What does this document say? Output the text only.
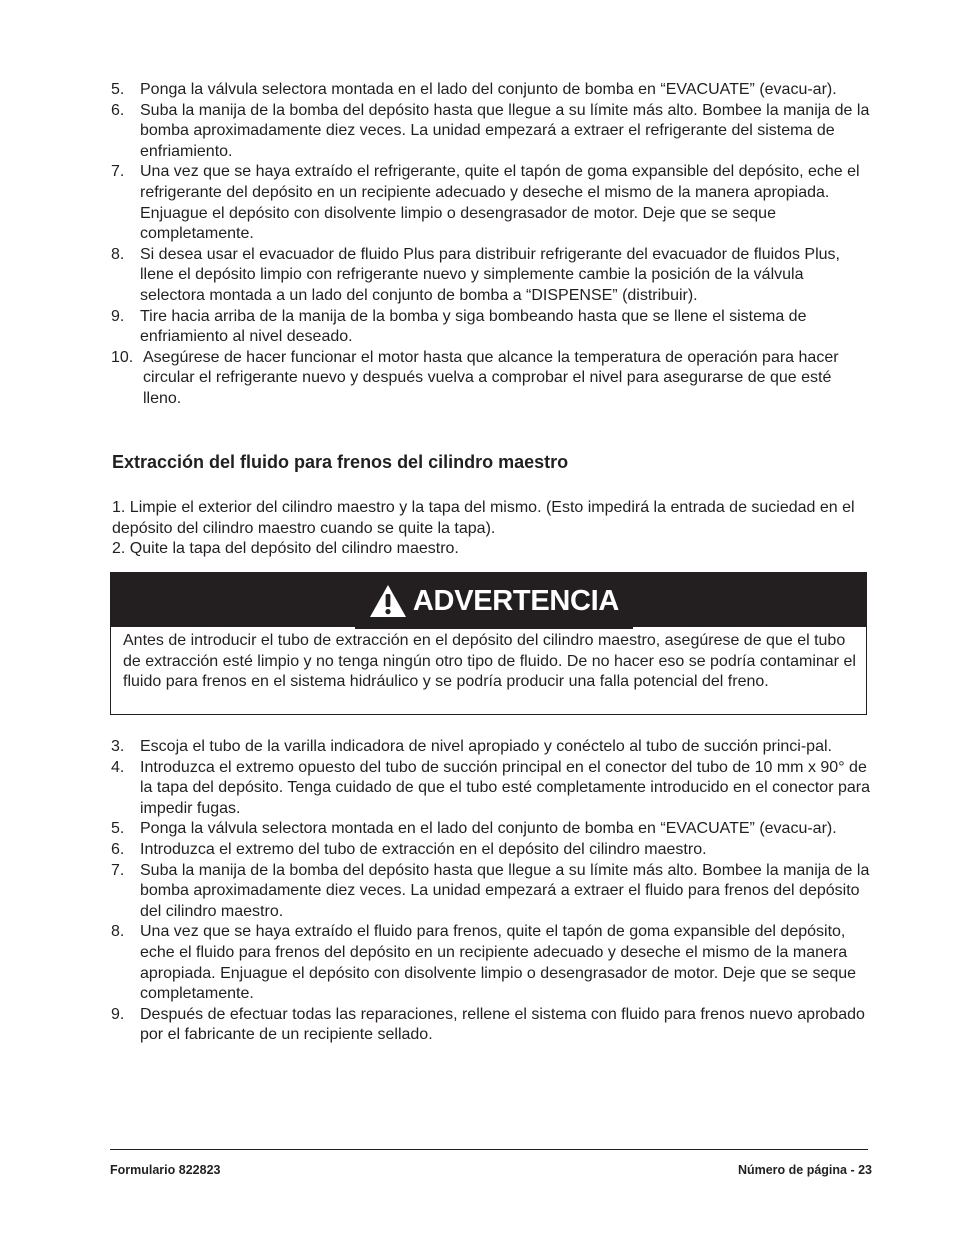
5. Ponga la válvula selectora montada en el lado del conjunto de bomba en “EVACUATE” (evacu-ar).
6. Suba la manija de la bomba del depósito hasta que llegue a su límite más alto. Bombee la manija de la bomba aproximadamente diez veces. La unidad empezará a extraer el refrigerante del sistema de enfriamiento.
7. Una vez que se haya extraído el refrigerante, quite el tapón de goma expansible del depósito, eche el refrigerante del depósito en un recipiente adecuado y deseche el mismo de la manera apropiada. Enjuague el depósito con disolvente limpio o desengrasador de motor. Deje que se seque completamente.
8. Si desea usar el evacuador de fluido Plus para distribuir refrigerante del evacuador de fluidos Plus, llene el depósito limpio con refrigerante nuevo y simplemente cambie la posición de la válvula selectora montada a un lado del conjunto de bomba a “DISPENSE” (distribuir).
9. Tire hacia arriba de la manija de la bomba y siga bombeando hasta que se llene el sistema de enfriamiento al nivel deseado.
10. Asegúrese de hacer funcionar el motor hasta que alcance la temperatura de operación para hacer circular el refrigerante nuevo y después vuelva a comprobar el nivel para asegurarse de que esté lleno.
Extracción del fluido para frenos del cilindro maestro
1. Limpie el exterior del cilindro maestro y la tapa del mismo. (Esto impedirá la entrada de suciedad en el depósito del cilindro maestro cuando se quite la tapa).
2. Quite la tapa del depósito del cilindro maestro.
ADVERTENCIA

Antes de introducir el tubo de extracción en el depósito del cilindro maestro, asegúrese de que el tubo de extracción esté limpio y no tenga ningún otro tipo de fluido. De no hacer eso se podría contaminar el fluido para frenos en el sistema hidráulico y se podría producir una falla potencial del freno.

3. Escoja el tubo de la varilla indicadora de nivel apropiado y conéctelo al tubo de succión princi-pal.
4. Introduzca el extremo opuesto del tubo de succión principal en el conector del tubo de 10 mm x 90° de la tapa del depósito. Tenga cuidado de que el tubo esté completamente introducido en el conector para impedir fugas.
5. Ponga la válvula selectora montada en el lado del conjunto de bomba en “EVACUATE” (evacu-ar).
6. Introduzca el extremo del tubo de extracción en el depósito del cilindro maestro.
7. Suba la manija de la bomba del depósito hasta que llegue a su límite más alto. Bombee la manija de la bomba aproximadamente diez veces. La unidad empezará a extraer el fluido para frenos del depósito del cilindro maestro.
8. Una vez que se haya extraído el fluido para frenos, quite el tapón de goma expansible del depósito, eche el fluido para frenos del depósito en un recipiente adecuado y deseche el mismo de la manera apropiada. Enjuague el depósito con disolvente limpio o desengrasador de motor. Deje que se seque completamente.
9. Después de efectuar todas las reparaciones, rellene el sistema con fluido para frenos nuevo aprobado por el fabricante de un recipiente sellado.

Formulario 822823	Número de página - 23
